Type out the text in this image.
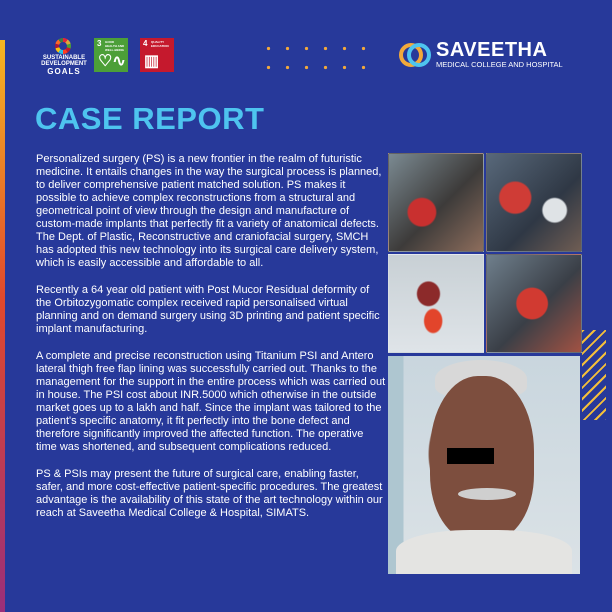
SUSTAINABLE
DEVELOPMENT
GOALS
3 GOOD HEALTH AND WELL-BEING
♡∿
4 QUALITY EDUCATION
▥
SAVEETHA
MEDICAL COLLEGE AND HOSPITAL
CASE REPORT

Personalized surgery (PS) is a new frontier in the realm of futuristic medicine. It entails changes in the way the surgical process is planned, to deliver comprehensive patient matched solution. PS makes it possible to achieve complex reconstructions from a structural and geometrical point of view through the design and manufacture of custom-made implants that perfectly fit a variety of anatomical defects. The Dept. of Plastic, Reconstructive and craniofacial surgery, SMCH has adopted this new technology into its surgical care delivery system, which is easily accessible and affordable to all.

Recently a 64 year old patient with Post Mucor Residual deformity of the Orbitozygomatic complex received rapid personalised virtual planning and on demand surgery using 3D printing and patient specific implant manufacturing.

A complete and precise reconstruction using Titanium PSI and Antero lateral thigh free flap lining was successfully carried out. Thanks to the management for the support in the entire process which was carried out in house. The PSI cost about INR.5000 which otherwise in the outside market goes up to a lakh and half. Since the implant was tailored to the patient's specific anatomy, it fit perfectly into the bone defect and therefore significantly improved the affected function. The operative time was shortened, and subsequent complications reduced.

PS & PSIs may present the future of surgical care, enabling faster, safer, and more cost-effective patient-specific procedures. The greatest advantage is the availability of this state of the art technology within our reach at Saveetha Medical College & Hospital, SIMATS.
